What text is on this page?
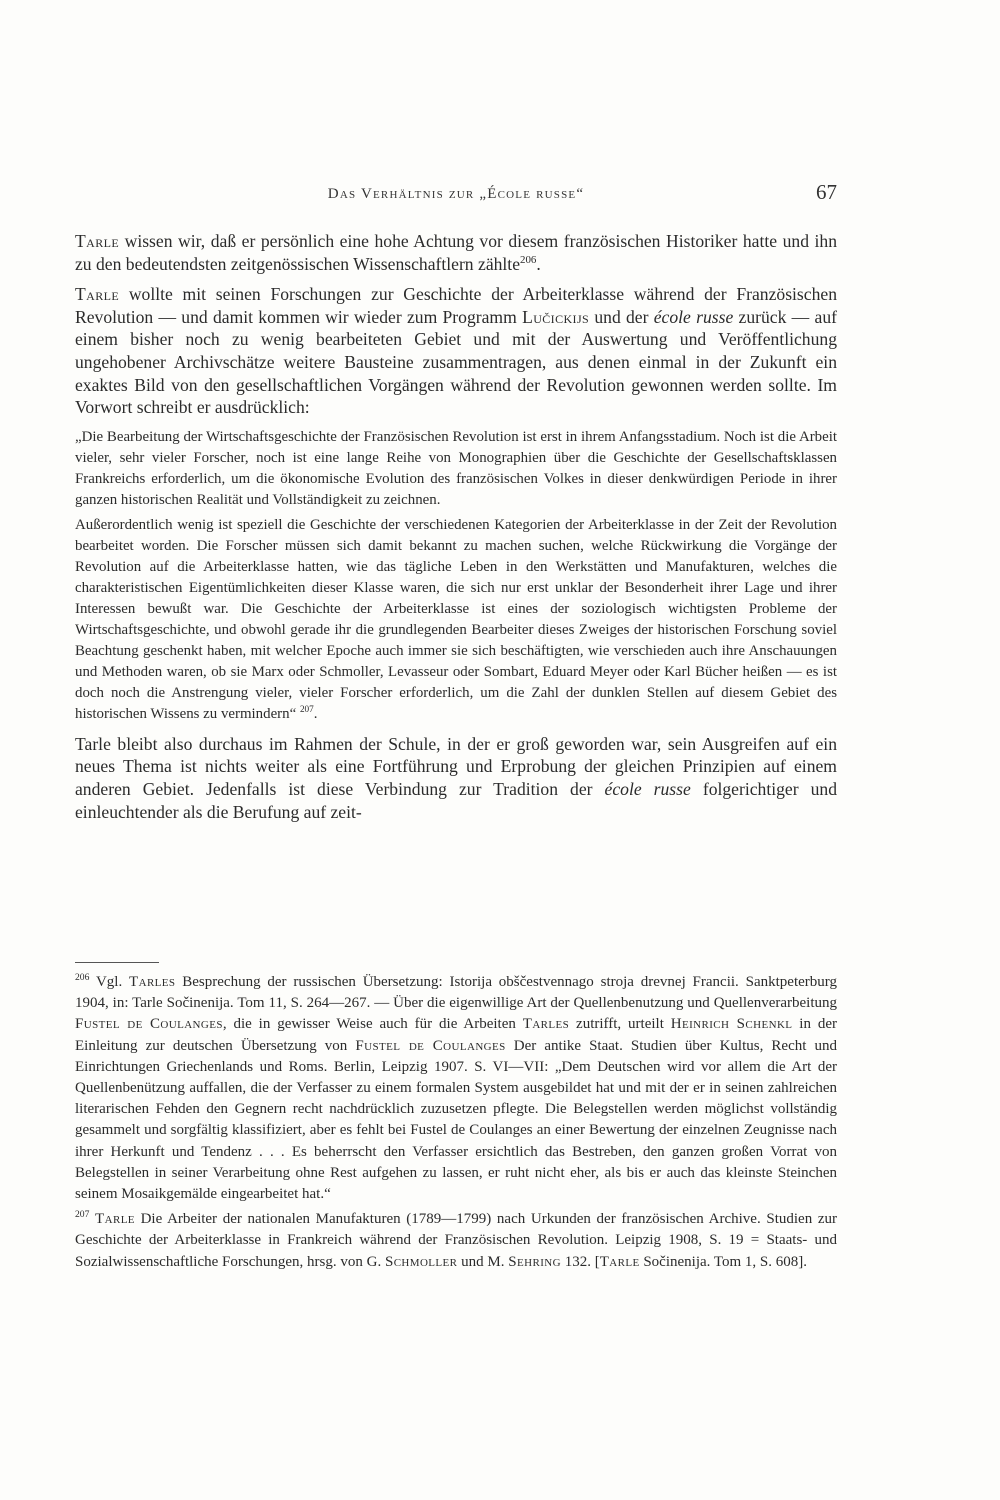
Das Verhältnis zur „École russe“	67

Tarle wissen wir, daß er persönlich eine hohe Achtung vor diesem französischen Historiker hatte und ihn zu den bedeutendsten zeitgenössischen Wissenschaftlern zählte$^{206}$.

Tarle wollte mit seinen Forschungen zur Geschichte der Arbeiterklasse während der Französischen Revolution — und damit kommen wir wieder zum Programm Lučickijs und der école russe zurück — auf einem bisher noch zu wenig bearbeiteten Gebiet und mit der Auswertung und Veröffentlichung ungehobener Archivschätze weitere Bausteine zusammentragen, aus denen einmal in der Zukunft ein exaktes Bild von den gesellschaftlichen Vorgängen während der Revolution gewonnen werden sollte. Im Vorwort schreibt er ausdrücklich:

„Die Bearbeitung der Wirtschaftsgeschichte der Französischen Revolution ist erst in ihrem Anfangsstadium. Noch ist die Arbeit vieler, sehr vieler Forscher, noch ist eine lange Reihe von Monographien über die Geschichte der Gesellschaftsklassen Frankreichs erforderlich, um die ökonomische Evolution des französischen Volkes in dieser denkwürdigen Periode in ihrer ganzen historischen Realität und Vollständigkeit zu zeichnen.

Außerordentlich wenig ist speziell die Geschichte der verschiedenen Kategorien der Arbeiterklasse in der Zeit der Revolution bearbeitet worden. Die Forscher müssen sich damit bekannt zu machen suchen, welche Rückwirkung die Vorgänge der Revolution auf die Arbeiterklasse hatten, wie das tägliche Leben in den Werkstätten und Manufakturen, welches die charakteristischen Eigentümlichkeiten dieser Klasse waren, die sich nur erst unklar der Besonderheit ihrer Lage und ihrer Interessen bewußt war. Die Geschichte der Arbeiterklasse ist eines der soziologisch wichtigsten Probleme der Wirtschaftsgeschichte, und obwohl gerade ihr die grundlegenden Bearbeiter dieses Zweiges der historischen Forschung soviel Beachtung geschenkt haben, mit welcher Epoche auch immer sie sich beschäftigten, wie verschieden auch ihre Anschauungen und Methoden waren, ob sie Marx oder Schmoller, Levasseur oder Sombart, Eduard Meyer oder Karl Bücher heißen — es ist doch noch die Anstrengung vieler, vieler Forscher erforderlich, um die Zahl der dunklen Stellen auf diesem Gebiet des historischen Wissens zu vermindern“ $^{207}$.

Tarle bleibt also durchaus im Rahmen der Schule, in der er groß geworden war, sein Ausgreifen auf ein neues Thema ist nichts weiter als eine Fortführung und Erprobung der gleichen Prinzipien auf einem anderen Gebiet. Jedenfalls ist diese Verbindung zur Tradition der école russe folgerichtiger und einleuchtender als die Berufung auf zeit-

$^{206}$ Vgl. Tarles Besprechung der russischen Übersetzung: Istorija obščestvennago stroja drevnej Francii. Sanktpeterburg 1904, in: Tarle Sočinenija. Tom 11, S. 264—267. — Über die eigenwillige Art der Quellenbenutzung und Quellenverarbeitung Fustel de Coulanges, die in gewisser Weise auch für die Arbeiten Tarles zutrifft, urteilt Heinrich Schenkl in der Einleitung zur deutschen Übersetzung von Fustel de Coulanges Der antike Staat. Studien über Kultus, Recht und Einrichtungen Griechenlands und Roms. Berlin, Leipzig 1907. S. VI—VII: „Dem Deutschen wird vor allem die Art der Quellenbenützung auffallen, die der Verfasser zu einem formalen System ausgebildet hat und mit der er in seinen zahlreichen literarischen Fehden den Gegnern recht nachdrücklich zuzusetzen pflegte. Die Belegstellen werden möglichst vollständig gesammelt und sorgfältig klassifiziert, aber es fehlt bei Fustel de Coulanges an einer Bewertung der einzelnen Zeugnisse nach ihrer Herkunft und Tendenz . . . Es beherrscht den Verfasser ersichtlich das Bestreben, den ganzen großen Vorrat von Belegstellen in seiner Verarbeitung ohne Rest aufgehen zu lassen, er ruht nicht eher, als bis er auch das kleinste Steinchen seinem Mosaikgemälde eingearbeitet hat.“

$^{207}$ Tarle Die Arbeiter der nationalen Manufakturen (1789—1799) nach Urkunden der französischen Archive. Studien zur Geschichte der Arbeiterklasse in Frankreich während der Französischen Revolution. Leipzig 1908, S. 19 = Staats- und Sozialwissenschaftliche Forschungen, hrsg. von G. Schmoller und M. Sehring 132. [Tarle Sočinenija. Tom 1, S. 608].
